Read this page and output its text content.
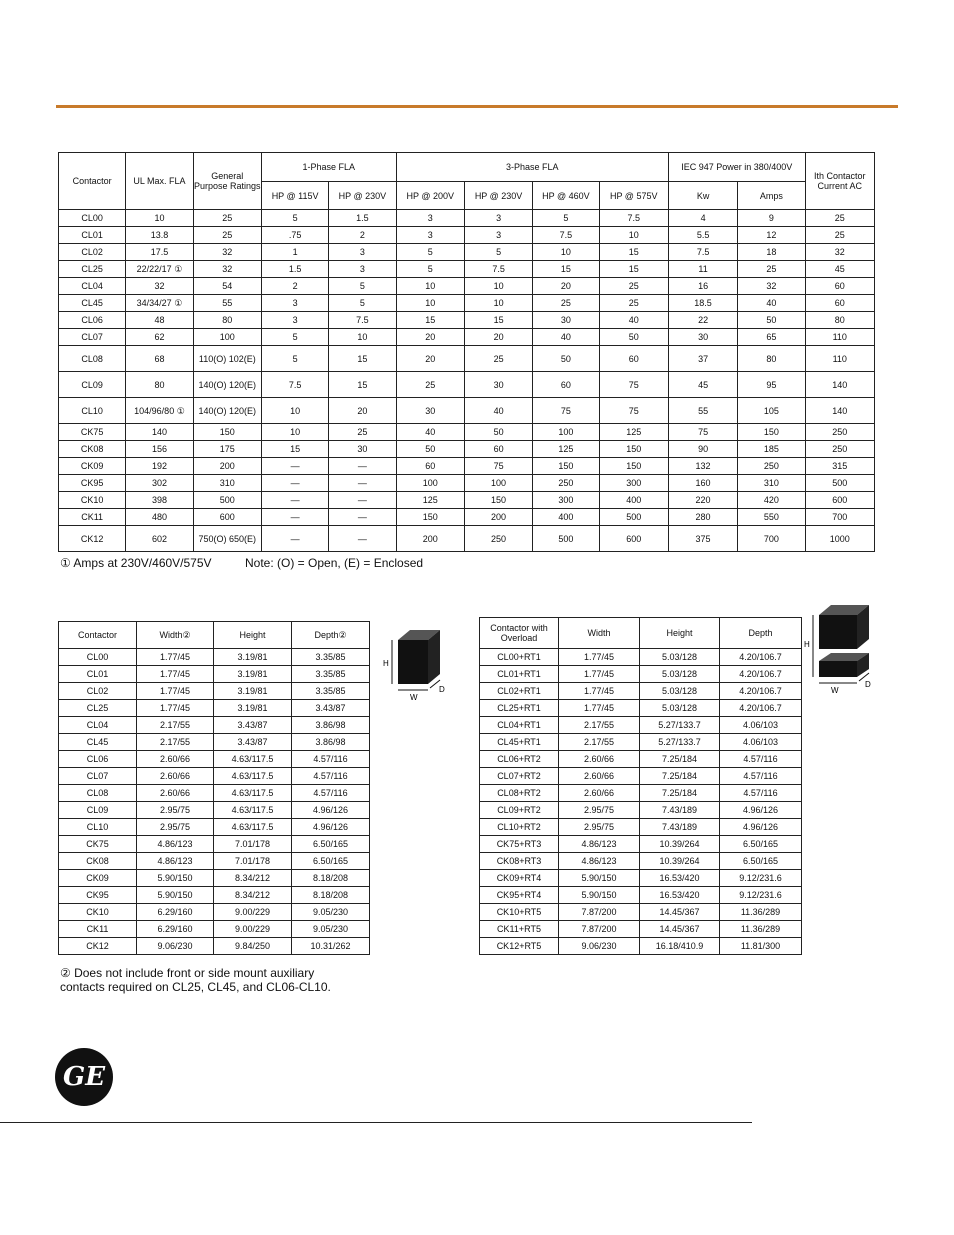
Contactor	UL Max. FLA	General Purpose Ratings	1-Phase FLA		3-Phase FLA				IEC 947 Power in 380/400V		Ith Contactor Current AC
			HP @ 115V	HP @ 230V	HP @ 200V	HP @ 230V	HP @ 460V	HP @ 575V	Kw	Amps	
CL00	10	25	5	1.5	3	3	5	7.5	4	9	25
CL01	13.8	25	.75	2	3	3	7.5	10	5.5	12	25
CL02	17.5	32	1	3	5	5	10	15	7.5	18	32
CL25	22/22/17 ①	32	1.5	3	5	7.5	15	15	11	25	45
CL04	32	54	2	5	10	10	20	25	16	32	60
CL45	34/34/27 ①	55	3	5	10	10	25	25	18.5	40	60
CL06	48	80	3	7.5	15	15	30	40	22	50	80
CL07	62	100	5	10	20	20	40	50	30	65	110
CL08	68	110(O) 102(E)	5	15	20	25	50	60	37	80	110
CL09	80	140(O) 120(E)	7.5	15	25	30	60	75	45	95	140
CL10	104/96/80 ①	140(O) 120(E)	10	20	30	40	75	75	55	105	140
CK75	140	150	10	25	40	50	100	125	75	150	250
CK08	156	175	15	30	50	60	125	150	90	185	250
CK09	192	200	—	—	60	75	150	150	132	250	315
CK95	302	310	—	—	100	100	250	300	160	310	500
CK10	398	500	—	—	125	150	300	400	220	420	600
CK11	480	600	—	—	150	200	400	500	280	550	700
CK12	602	750(O) 650(E)	—	—	200	250	500	600	375	700	1000
① Amps at 230V/460V/575V	Note: (O) = Open, (E) = Enclosed
Contactor	Width②	Height	Depth②
CL00	1.77/45	3.19/81	3.35/85
CL01	1.77/45	3.19/81	3.35/85
CL02	1.77/45	3.19/81	3.35/85
CL25	1.77/45	3.19/81	3.43/87
CL04	2.17/55	3.43/87	3.86/98
CL45	2.17/55	3.43/87	3.86/98
CL06	2.60/66	4.63/117.5	4.57/116
CL07	2.60/66	4.63/117.5	4.57/116
CL08	2.60/66	4.63/117.5	4.57/116
CL09	2.95/75	4.63/117.5	4.96/126
CL10	2.95/75	4.63/117.5	4.96/126
CK75	4.86/123	7.01/178	6.50/165
CK08	4.86/123	7.01/178	6.50/165
CK09	5.90/150	8.34/212	8.18/208
CK95	5.90/150	8.34/212	8.18/208
CK10	6.29/160	9.00/229	9.05/230
CK11	6.29/160	9.00/229	9.05/230
CK12	9.06/230	9.84/250	10.31/262
H
W
D
Contactor with Overload	Width	Height	Depth
CL00+RT1	1.77/45	5.03/128	4.20/106.7
CL01+RT1	1.77/45	5.03/128	4.20/106.7
CL02+RT1	1.77/45	5.03/128	4.20/106.7
CL25+RT1	1.77/45	5.03/128	4.20/106.7
CL04+RT1	2.17/55	5.27/133.7	4.06/103
CL45+RT1	2.17/55	5.27/133.7	4.06/103
CL06+RT2	2.60/66	7.25/184	4.57/116
CL07+RT2	2.60/66	7.25/184	4.57/116
CL08+RT2	2.60/66	7.25/184	4.57/116
CL09+RT2	2.95/75	7.43/189	4.96/126
CL10+RT2	2.95/75	7.43/189	4.96/126
CK75+RT3	4.86/123	10.39/264	6.50/165
CK08+RT3	4.86/123	10.39/264	6.50/165
CK09+RT4	5.90/150	16.53/420	9.12/231.6
CK95+RT4	5.90/150	16.53/420	9.12/231.6
CK10+RT5	7.87/200	14.45/367	11.36/289
CK11+RT5	7.87/200	14.45/367	11.36/289
CK12+RT5	9.06/230	16.18/410.9	11.81/300
H
W
D
② Does not include front or side mount auxiliary contacts required on CL25, CL45, and CL06-CL10.
GE
